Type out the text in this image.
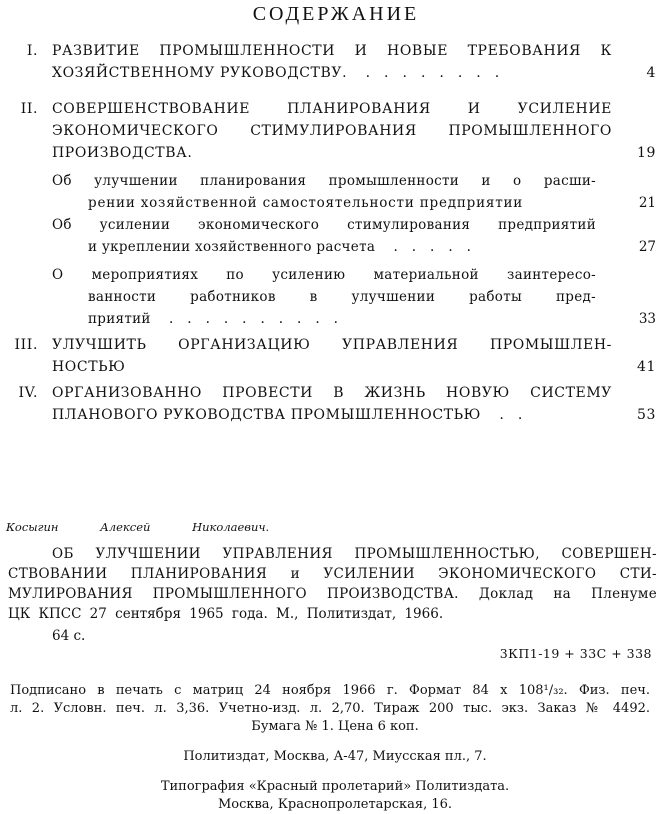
СОДЕРЖАНИЕ
I. РАЗВИТИЕ ПРОМЫШЛЕННОСТИ И НОВЫЕ ТРЕБОВАНИЯ К
ХОЗЯЙСТВЕННОМУ РУКОВОДСТВУ. ........	4
II. СОВЕРШЕНСТВОВАНИЕ ПЛАНИРОВАНИЯ И УСИЛЕНИЕ
ЭКОНОМИЧЕСКОГО СТИМУЛИРОВАНИЯ ПРОМЫШЛЕННОГО
ПРОИЗВОДСТВА.	19
Об улучшении планирования промышленности и о расши-
рении хозяйственной самостоятельности предприятии	21
Об усилении экономического стимулирования предприятий
и укреплении хозяйственного расчета .....	27
О мероприятиях по усилению материальной заинтересо-
ванности работников в улучшении работы пред-
приятий ..........	33
III. УЛУЧШИТЬ ОРГАНИЗАЦИЮ УПРАВЛЕНИЯ ПРОМЫШЛЕН-
НОСТЬЮ	41
IV. ОРГАНИЗОВАННО ПРОВЕСТИ В ЖИЗНЬ НОВУЮ СИСТЕМУ
ПЛАНОВОГО РУКОВОДСТВА ПРОМЫШЛЕННОСТЬЮ ..	53
Косыгин Алексей Николаевич.
ОБ УЛУЧШЕНИИ УПРАВЛЕНИЯ ПРОМЫШЛЕННОСТЬЮ, СОВЕРШЕН-
СТВОВАНИИ ПЛАНИРОВАНИЯ и УСИЛЕНИИ ЭКОНОМИЧЕСКОГО СТИ-
МУЛИРОВАНИЯ ПРОМЫШЛЕННОГО ПРОИЗВОДСТВА. Доклад на Пленуме
ЦК КПСС 27 сентября 1965 года. М., Политиздат, 1966.
64 с.
3КП1-19 + 33С + 338
Подписано в печать с матриц 24 ноября 1966 г. Формат 84 х 108¹/₃₂. Физ. печ.
л. 2. Условн. печ. л. 3,36. Учетно-изд. л. 2,70. Тираж 200 тыс. экз. Заказ № 4492.
Бумага № 1. Цена 6 коп.
Политиздат, Москва, А-47, Миусская пл., 7.
Типография «Красный пролетарий» Политиздата.
Москва, Краснопролетарская, 16.
